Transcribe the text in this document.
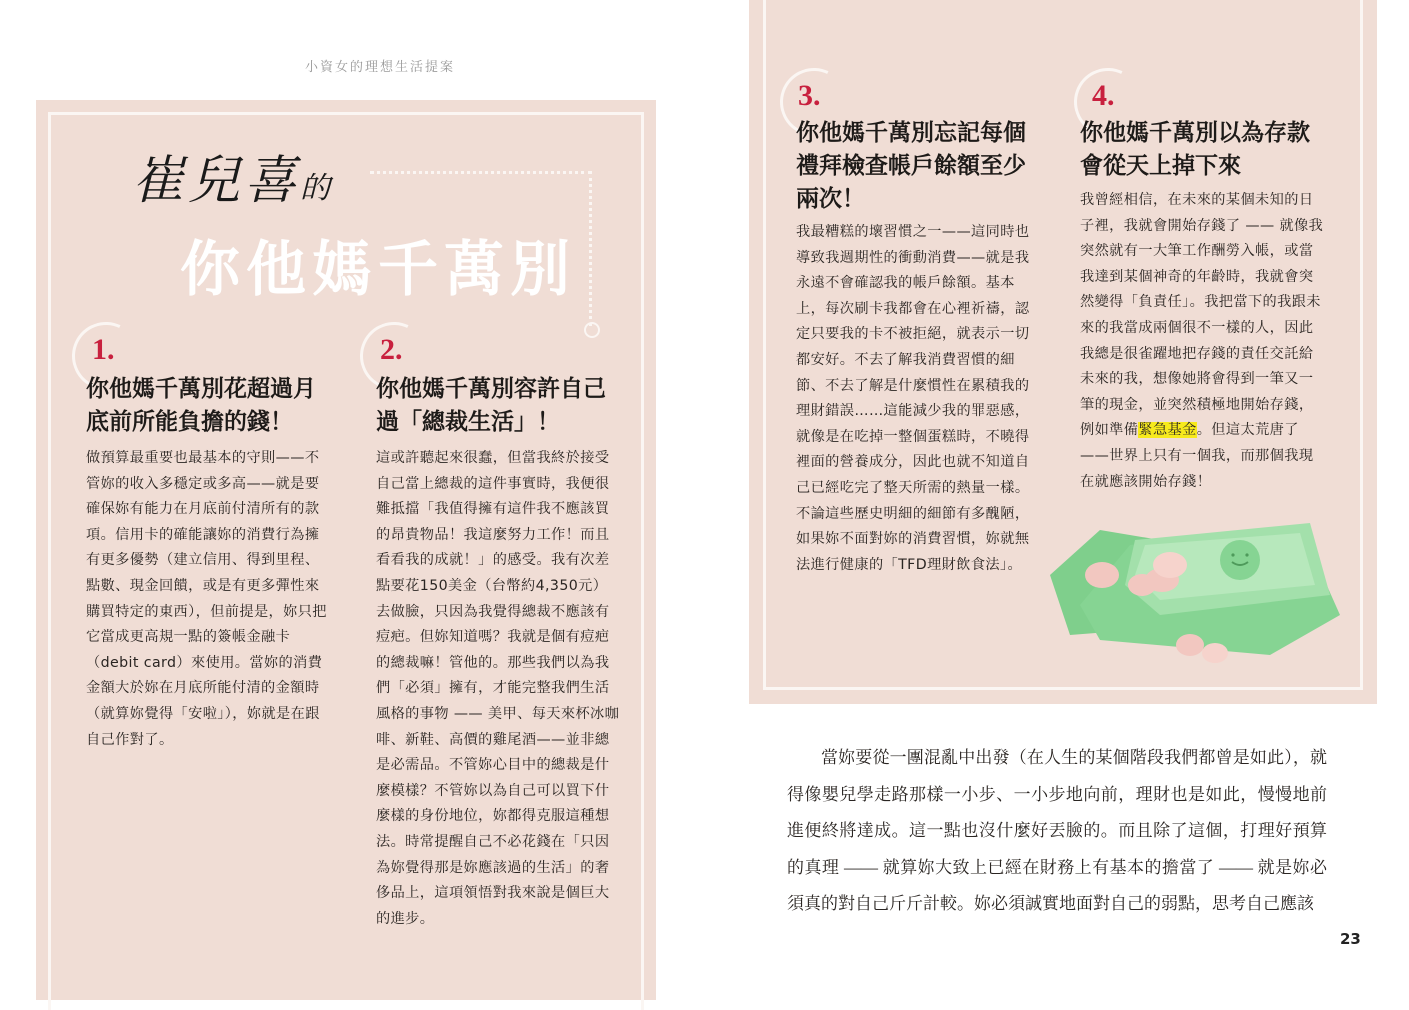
小資女的理想生活提案
崔兒喜的
你他媽千萬別
1.
你他媽千萬別花超過月底前所能負擔的錢！
做預算最重要也最基本的守則——不管妳的收入多穩定或多高——就是要確保妳有能力在月底前付清所有的款項。信用卡的確能讓妳的消費行為擁有更多優勢（建立信用、得到里程、點數、現金回饋，或是有更多彈性來購買特定的東西），但前提是，妳只把它當成更高規一點的簽帳金融卡（debit card）來使用。當妳的消費金額大於妳在月底所能付清的金額時（就算妳覺得「安啦」），妳就是在跟自己作對了。
2.
你他媽千萬別容許自己過「總裁生活」！
這或許聽起來很蠢，但當我終於接受自己當上總裁的這件事實時，我便很難抵擋「我值得擁有這件我不應該買的昂貴物品！我這麼努力工作！而且看看我的成就！」的感受。我有次差點要花150美金（台幣約4,350元）去做臉，只因為我覺得總裁不應該有痘疤。但妳知道嗎？我就是個有痘疤的總裁嘛！管他的。那些我們以為我們「必須」擁有，才能完整我們生活風格的事物 —— 美甲、每天來杯冰咖啡、新鞋、高價的雞尾酒——並非總是必需品。不管妳心目中的總裁是什麼模樣？不管妳以為自己可以買下什麼樣的身份地位，妳都得克服這種想法。時常提醒自己不必花錢在「只因為妳覺得那是妳應該過的生活」的奢侈品上，這項領悟對我來說是個巨大的進步。
3.
你他媽千萬別忘記每個禮拜檢查帳戶餘額至少兩次！
我最糟糕的壞習慣之一——這同時也導致我週期性的衝動消費——就是我永遠不會確認我的帳戶餘額。基本上，每次刷卡我都會在心裡祈禱，認定只要我的卡不被拒絕，就表示一切都安好。不去了解我消費習慣的細節、不去了解是什麼慣性在累積我的理財錯誤……這能減少我的罪惡感，就像是在吃掉一整個蛋糕時，不曉得裡面的營養成分，因此也就不知道自己已經吃完了整天所需的熱量一樣。不論這些歷史明細的細節有多醜陋，如果妳不面對妳的消費習慣，妳就無法進行健康的「TFD理財飲食法」。
4.
你他媽千萬別以為存款會從天上掉下來
我曾經相信，在未來的某個未知的日子裡，我就會開始存錢了 —— 就像我突然就有一大筆工作酬勞入帳，或當我達到某個神奇的年齡時，我就會突然變得「負責任」。我把當下的我跟未來的我當成兩個很不一樣的人，因此我總是很雀躍地把存錢的責任交託給未來的我，想像她將會得到一筆又一筆的現金，並突然積極地開始存錢，例如準備緊急基金。但這太荒唐了 ——世界上只有一個我，而那個我現在就應該開始存錢！
當妳要從一團混亂中出發（在人生的某個階段我們都曾是如此），就得像嬰兒學走路那樣一小步、一小步地向前，理財也是如此，慢慢地前進便終將達成。這一點也沒什麼好丟臉的。而且除了這個，打理好預算的真理 —— 就算妳大致上已經在財務上有基本的擔當了 —— 就是妳必須真的對自己斤斤計較。妳必須誠實地面對自己的弱點，思考自己應該
23
